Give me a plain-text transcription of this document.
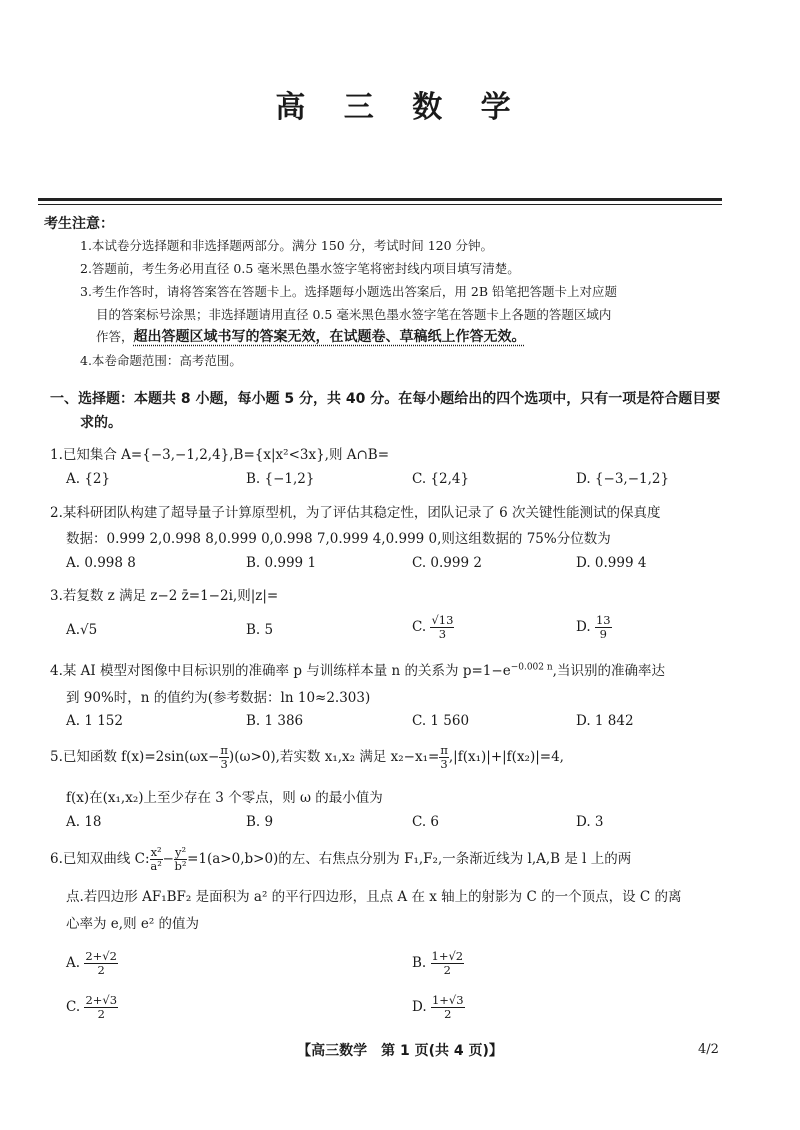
高 三 数 学
考生注意：
1.本试卷分选择题和非选择题两部分。满分 150 分，考试时间 120 分钟。
2.答题前，考生务必用直径 0.5 毫米黑色墨水签字笔将密封线内项目填写清楚。
3.考生作答时，请将答案答在答题卡上。选择题每小题选出答案后，用 2B 铅笔把答题卡上对应题
目的答案标号涂黑；非选择题请用直径 0.5 毫米黑色墨水签字笔在答题卡上各题的答题区域内
作答，超出答题区域书写的答案无效，在试题卷、草稿纸上作答无效。
4.本卷命题范围：高考范围。
一、选择题：本题共 8 小题，每小题 5 分，共 40 分。在每小题给出的四个选项中，只有一项是符合题目要
求的。
1.已知集合 A={−3,−1,2,4},B={x|x²<3x},则 A∩B=
A. {2}	B. {−1,2}	C. {2,4}	D. {−3,−1,2}
2.某科研团队构建了超导量子计算原型机，为了评估其稳定性，团队记录了 6 次关键性能测试的保真度
数据：0.999 2,0.998 8,0.999 0,0.998 7,0.999 4,0.999 0,则这组数据的 75%分位数为
A. 0.998 8	B. 0.999 1	C. 0.999 2	D. 0.999 4
3.若复数 z 满足 z−2 z̄=1−2i,则|z|=
A.√5	B. 5	C. $\frac{√13}{3}$	D. $\frac{13}{9}$
4.某 AI 模型对图像中目标识别的准确率 p 与训练样本量 n 的关系为 $p=1-e^{-0.002 n}$,当识别的准确率达
到 90%时，n 的值约为(参考数据：ln 10≈2.303)
A. 1 152	B. 1 386	C. 1 560	D. 1 842
5.已知函数 $f(x)=2\sin(\omega x- \frac{\pi}{3} )(\omega>0)$,若实数 x₁,x₂ 满足 $x_2-x_1= \frac{\pi}{3} ,|f(x_1)|+|f(x_2)|=4$,
f(x)在(x₁,x₂)上至少存在 3 个零点，则 ω 的最小值为
A. 18	B. 9	C. 6	D. 3
6.已知双曲线 C: $\frac{\text{x²}}{\text{a²}} - \frac{\text{y²}}{\text{b²}} =1(a>0,b>0)$的左、右焦点分别为 F₁,F₂,一条渐近线为 l,A,B 是 l 上的两
点.若四边形 AF₁BF₂ 是面积为 a² 的平行四边形，且点 A 在 x 轴上的射影为 C 的一个顶点，设 C 的离
心率为 e,则 e² 的值为
A. $\frac{2+√2}{2}$	B. $\frac{1+√2}{2}$
C. $\frac{2+√3}{2}$	D. $\frac{1+√3}{2}$
【高三数学　第 1 页(共 4 页)】	4/2
